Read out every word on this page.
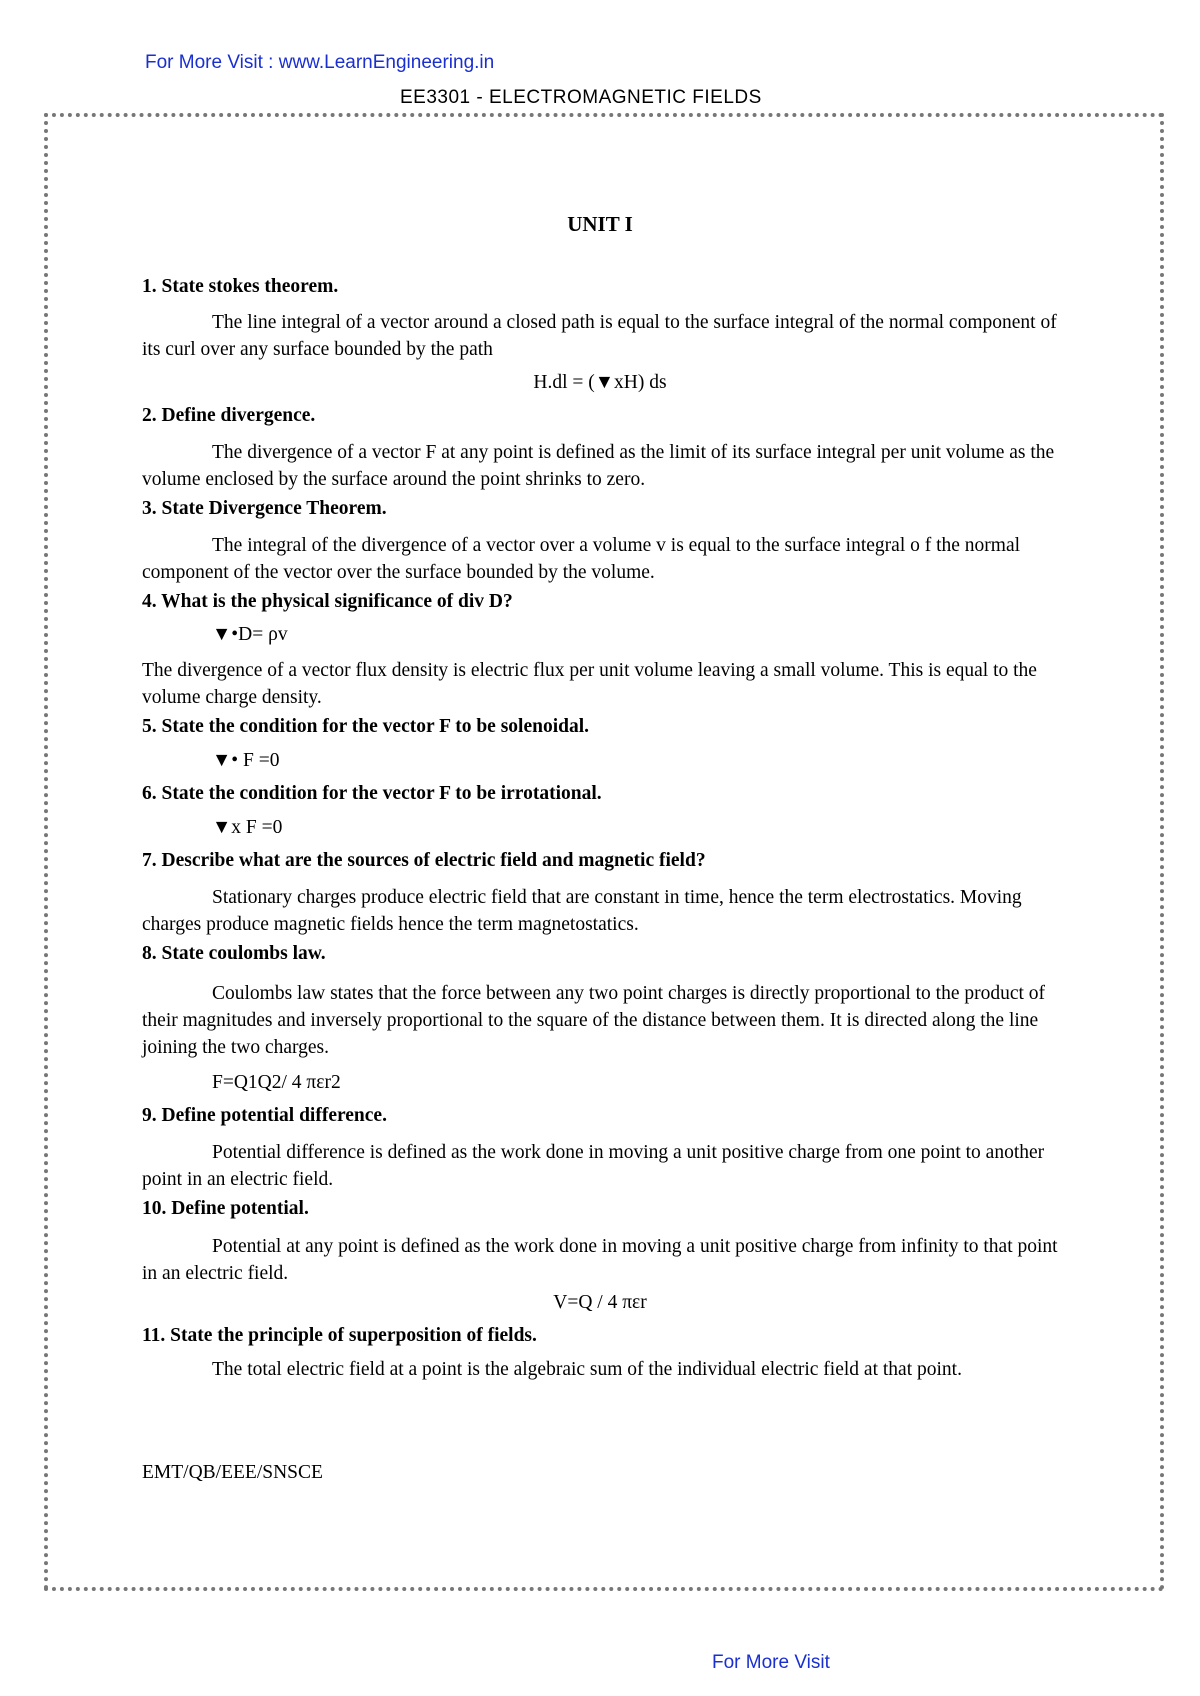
For More Visit : www.LearnEngineering.in
EE3301 - ELECTROMAGNETIC FIELDS
UNIT I
1. State stokes theorem.
The line integral of a vector around a closed path is equal to the surface integral of the normal component of its curl over any surface bounded by the path
H.dl = (▼xH) ds
2. Define divergence.
The divergence of a vector F at any point is defined as the limit of its surface integral per unit volume as the volume enclosed by the surface around the point shrinks to zero.
3. State Divergence Theorem.
The integral of the divergence of a vector over a volume v is equal to the surface integral o f the normal component of the vector over the surface bounded by the volume.
4. What is the physical significance of div D?
▼•D= ρv
The divergence of a vector flux density is electric flux per unit volume leaving a small volume. This is equal to the volume charge density.
5. State the condition for the vector F to be solenoidal.
▼• F =0
6. State the condition for the vector F to be irrotational.
▼x F =0
7. Describe what are the sources of electric field and magnetic field?
Stationary charges produce electric field that are constant in time, hence the term electrostatics. Moving charges produce magnetic fields hence the term magnetostatics.
8. State coulombs law.
Coulombs law states that the force between any two point charges is directly proportional to the product of their magnitudes and inversely proportional to the square of the distance between them. It is directed along the line joining the two charges.
F=Q1Q2/ 4 πεr2
9. Define potential difference.
Potential difference is defined as the work done in moving a unit positive charge from one point to another point in an electric field.
10. Define potential.
Potential at any point is defined as the work done in moving a unit positive charge from infinity to that point in an electric field.
V=Q / 4 πεr
11. State the principle of superposition of fields.
The total electric field at a point is the algebraic sum of the individual electric field at that point.
EMT/QB/EEE/SNSCE
For More Visit
